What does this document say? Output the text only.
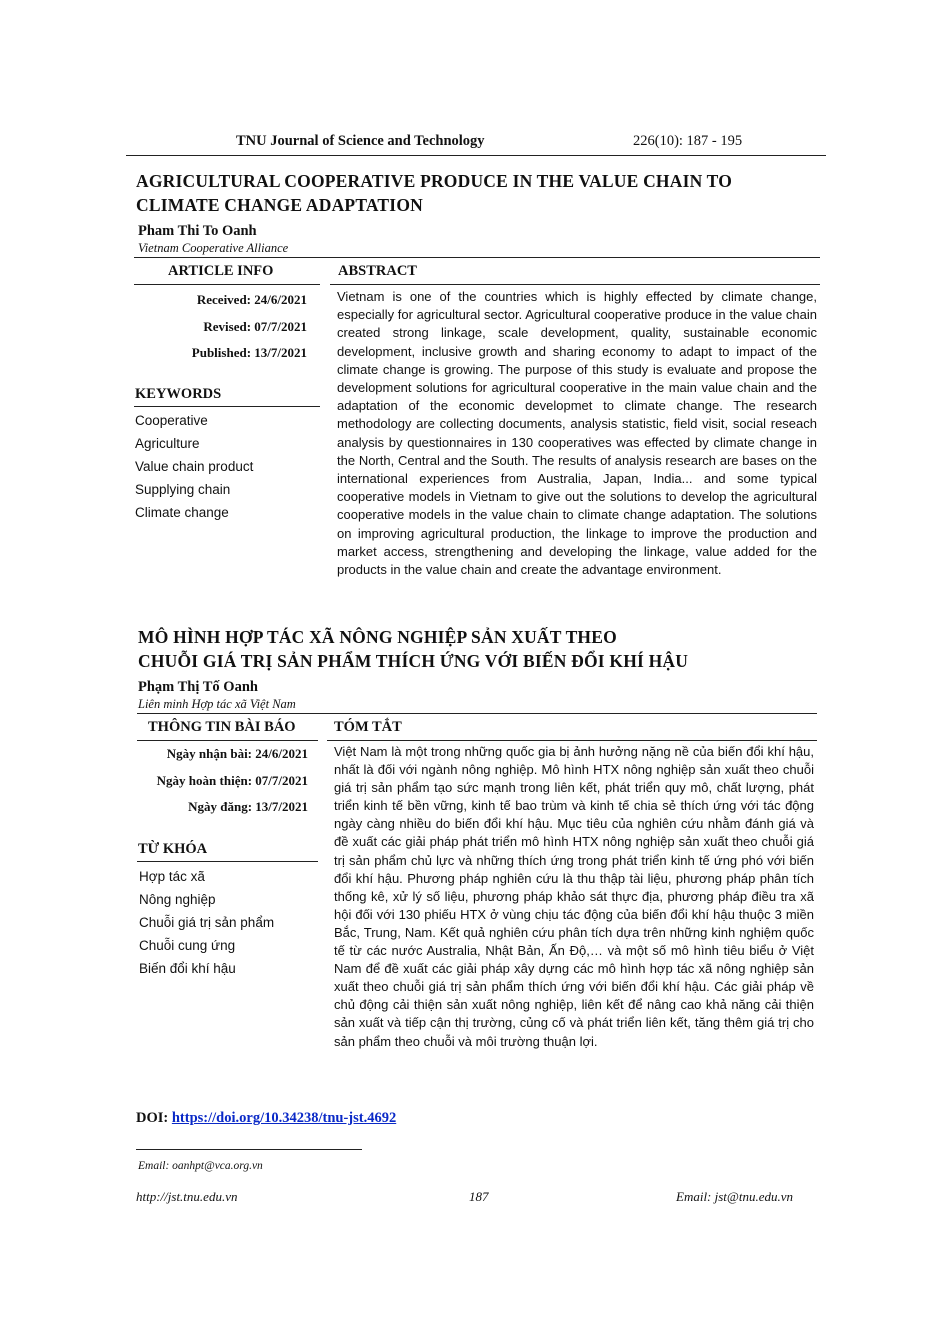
TNU Journal of Science and Technology	226(10): 187 - 195
AGRICULTURAL COOPERATIVE PRODUCE IN THE VALUE CHAIN TO
CLIMATE CHANGE ADAPTATION
Pham Thi To Oanh
Vietnam Cooperative Alliance
ARTICLE INFO	ABSTRACT
Received: 24/6/2021
Revised: 07/7/2021
Published: 13/7/2021
KEYWORDS
Cooperative
Agriculture
Value chain product
Supplying chain
Climate change
Vietnam is one of the countries which is highly effected by climate change, especially for agricultural sector. Agricultural cooperative produce in the value chain created strong linkage, scale development, quality, sustainable economic development, inclusive growth and sharing economy to adapt to impact of the climate change is growing. The purpose of this study is evaluate and propose the development solutions for agricultural cooperative in the main value chain and the adaptation of the economic developmet to climate change. The research methodology are collecting documents, analysis statistic, field visit, social reseach analysis by questionnaires in 130 cooperatives was effected by climate change in the North, Central and the South. The results of analysis research are bases on the international experiences from Australia, Japan, India... and some typical cooperative models in Vietnam to give out the solutions to develop the agricultural cooperative models in the value chain to climate change adaptation. The solutions on improving agricultural production, the linkage to improve the production and market access, strengthening and developing the linkage, value added for the products in the value chain and create the advantage environment.
MÔ HÌNH HỢP TÁC XÃ NÔNG NGHIỆP SẢN XUẤT THEO
CHUỖI GIÁ TRỊ SẢN PHẨM THÍCH ỨNG VỚI BIẾN ĐỔI KHÍ HẬU
Phạm Thị Tố Oanh
Liên minh Hợp tác xã Việt Nam
THÔNG TIN BÀI BÁO	TÓM TẮT
Ngày nhận bài: 24/6/2021
Ngày hoàn thiện: 07/7/2021
Ngày đăng: 13/7/2021
TỪ KHÓA
Hợp tác xã
Nông nghiệp
Chuỗi giá trị sản phẩm
Chuỗi cung ứng
Biến đổi khí hậu
Việt Nam là một trong những quốc gia bị ảnh hưởng nặng nề của biến đổi khí hậu, nhất là đối với ngành nông nghiệp. Mô hình HTX nông nghiệp sản xuất theo chuỗi giá trị sản phẩm tạo sức mạnh trong liên kết, phát triển quy mô, chất lượng, phát triển kinh tế bền vững, kinh tế bao trùm và kinh tế chia sẻ thích ứng với tác động ngày càng nhiều do biến đổi khí hậu. Mục tiêu của nghiên cứu nhằm đánh giá và đề xuất các giải pháp phát triển mô hình HTX nông nghiệp sản xuất theo chuỗi giá trị sản phẩm chủ lực và những thích ứng trong phát triển kinh tế ứng phó với biến đổi khí hậu. Phương pháp nghiên cứu là thu thập tài liệu, phương pháp phân tích thống kê, xử lý số liệu, phương pháp khảo sát thực địa, phương pháp điều tra xã hội đối với 130 phiếu HTX ở vùng chịu tác động của biến đổi khí hậu thuộc 3 miền Bắc, Trung, Nam. Kết quả nghiên cứu phân tích dựa trên những kinh nghiệm quốc tế từ các nước Australia, Nhật Bản, Ấn Độ,… và một số mô hình tiêu biểu ở Việt Nam để đề xuất các giải pháp xây dựng các mô hình hợp tác xã nông nghiệp sản xuất theo chuỗi giá trị sản phẩm thích ứng với biến đổi khí hậu. Các giải pháp về chủ động cải thiện sản xuất nông nghiệp, liên kết để nâng cao khả năng cải thiện sản xuất và tiếp cận thị trường, củng cố và phát triển liên kết, tăng thêm giá trị cho sản phẩm theo chuỗi và môi trường thuận lợi.
DOI: https://doi.org/10.34238/tnu-jst.4692
Email: oanhpt@vca.org.vn
http://jst.tnu.edu.vn	187	Email: jst@tnu.edu.vn
